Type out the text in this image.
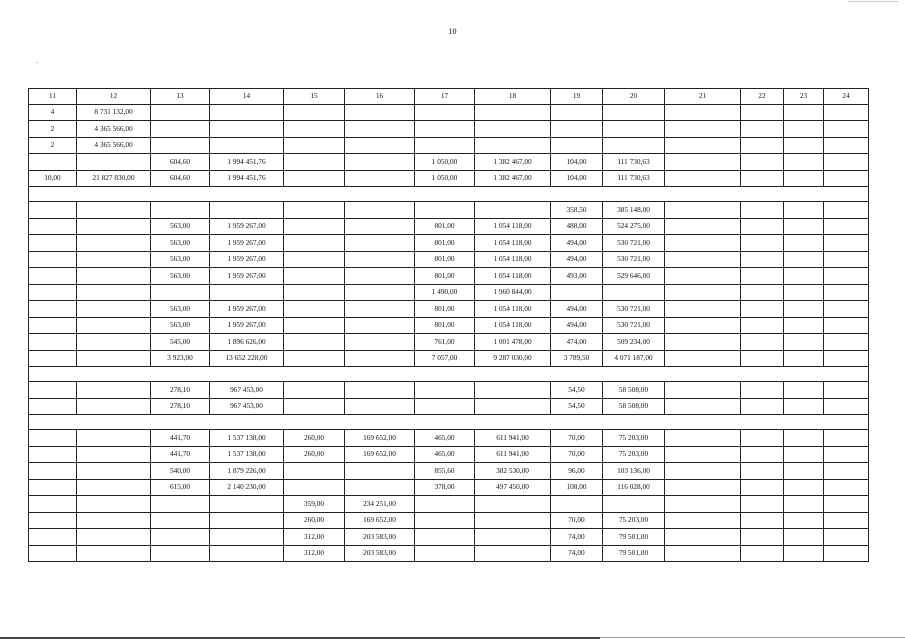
10
11	12	13	14	15	16	17	18	19	20	21	22	23	24
4	8 731 132,00												
2	4 365 566,00												
2	4 365 566,00												
		604,60	1 994 451,76			1 050,00	1 382 467,00	104,00	111 730,63				
10,00	21 827 830,00	604,60	1 994 451,76			1 050,00	1 382 467,00	104,00	111 730,63				

								358,50	385 148,00				
		563,00	1 959 267,00			801,00	1 054 118,00	488,00	524 275,00				
		563,00	1 959 267,00			801,00	1 054 118,00	494,00	530 721,00				
		563,00	1 959 267,00			801,00	1 054 118,00	494,00	530 721,00				
		563,00	1 959 267,00			801,00	1 054 118,00	493,00	529 646,00				
						1 490,00	1 960 844,00						
		563,00	1 959 267,00			801,00	1 054 118,00	494,00	530 721,00				
		563,00	1 959 267,00			801,00	1 054 118,00	494,00	530 721,00				
		545,00	1 896 626,00			761,00	1 001 478,00	474,00	509 234,00				
		3 923,00	13 652 228,00			7 057,00	9 287 030,00	3 789,50	4 071 187,00				

		278,10	967 453,00					54,50	58 508,00				
		278,10	967 453,00					54,50	58 508,00				

		441,70	1 537 138,00	260,00	169 652,00	465,00	611 941,00	70,00	75 203,00				
		441,70	1 537 138,00	260,00	169 652,00	465,00	611 941,00	70,00	75 203,00				
		540,00	1 879 226,00			855,60	382 530,00	96,00	103 136,00				
		615,00	2 140 230,00			378,00	497 450,00	108,00	116 028,00				
				359,00	234 251,00								
				260,00	169 652,00			70,00	75 203,00				
				312,00	203 583,00			74,00	79 501,00				
				312,00	203 583,00			74,00	79 501,00				
